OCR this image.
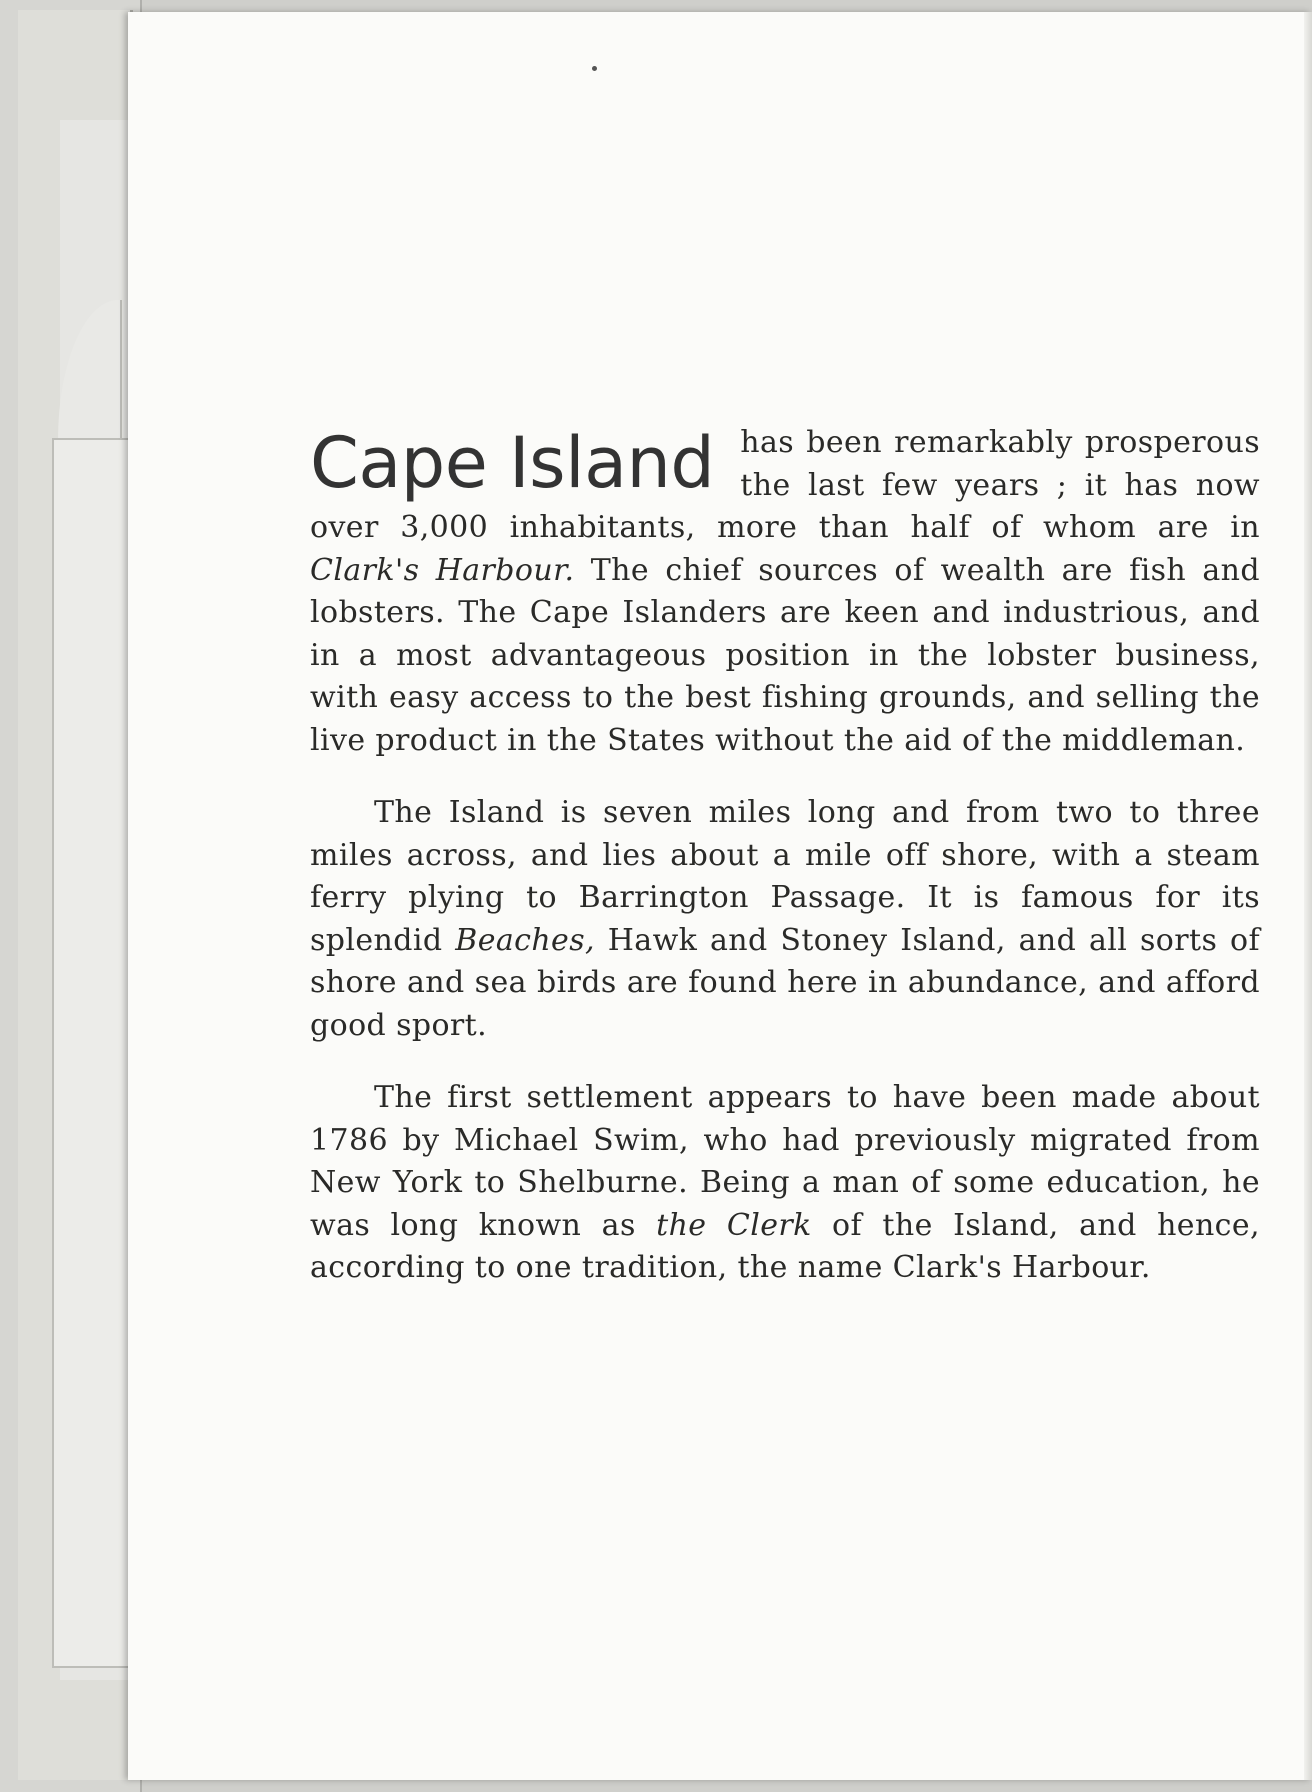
Cape Island has been remarkably prosperous the last few years ; it has now over 3,000 inhabitants, more than half of whom are in Clark's Harbour. The chief sources of wealth are fish and lobsters. The Cape Islanders are keen and industrious, and in a most advantageous position in the lobster business, with easy access to the best fishing grounds, and selling the live product in the States without the aid of the middleman.

The Island is seven miles long and from two to three miles across, and lies about a mile off shore, with a steam ferry plying to Barrington Passage. It is famous for its splendid Beaches, Hawk and Stoney Island, and all sorts of shore and sea birds are found here in abundance, and afford good sport.

The first settlement appears to have been made about 1786 by Michael Swim, who had previously migrated from New York to Shelburne. Being a man of some education, he was long known as the Clerk of the Island, and hence, according to one tradition, the name Clark's Harbour.
